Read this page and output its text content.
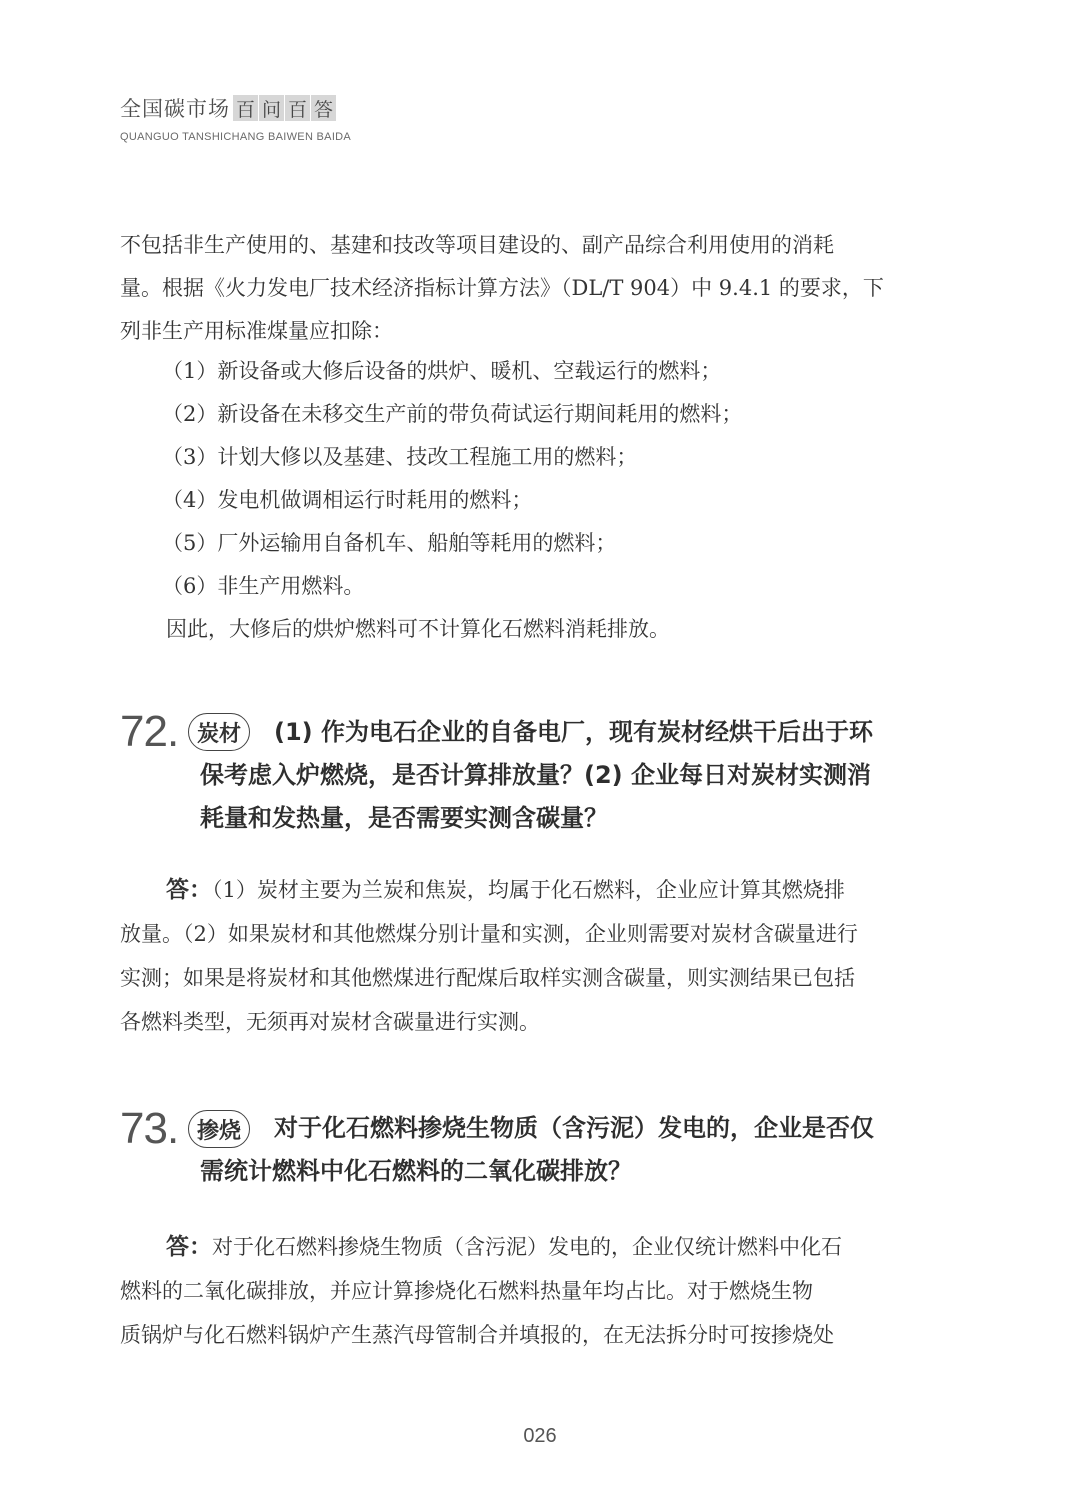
全国碳市场 百 问 百 答
QUANGUO TANSHICHANG BAIWEN BAIDA
不包括非生产使用的、基建和技改等项目建设的、副产品综合利用使用的消耗
量。根据《火力发电厂技术经济指标计算方法》（DL/T 904）中 9.4.1 的要求，下
列非生产用标准煤量应扣除：
（1）新设备或大修后设备的烘炉、暖机、空载运行的燃料；
（2）新设备在未移交生产前的带负荷试运行期间耗用的燃料；
（3）计划大修以及基建、技改工程施工用的燃料；
（4）发电机做调相运行时耗用的燃料；
（5）厂外运输用自备机车、船舶等耗用的燃料；
（6）非生产用燃料。
因此，大修后的烘炉燃料可不计算化石燃料消耗排放。
72. 炭材	(1) 作为电石企业的自备电厂，现有炭材经烘干后出于环
保考虑入炉燃烧，是否计算排放量？(2) 企业每日对炭材实测消
耗量和发热量，是否需要实测含碳量？
答：（1）炭材主要为兰炭和焦炭，均属于化石燃料，企业应计算其燃烧排
放量。（2）如果炭材和其他燃煤分别计量和实测，企业则需要对炭材含碳量进行
实测；如果是将炭材和其他燃煤进行配煤后取样实测含碳量，则实测结果已包括
各燃料类型，无须再对炭材含碳量进行实测。
73. 掺烧	对于化石燃料掺烧生物质（含污泥）发电的，企业是否仅
需统计燃料中化石燃料的二氧化碳排放？
答：对于化石燃料掺烧生物质（含污泥）发电的，企业仅统计燃料中化石
燃料的二氧化碳排放，并应计算掺烧化石燃料热量年均占比。对于燃烧生物
质锅炉与化石燃料锅炉产生蒸汽母管制合并填报的，在无法拆分时可按掺烧处
026
